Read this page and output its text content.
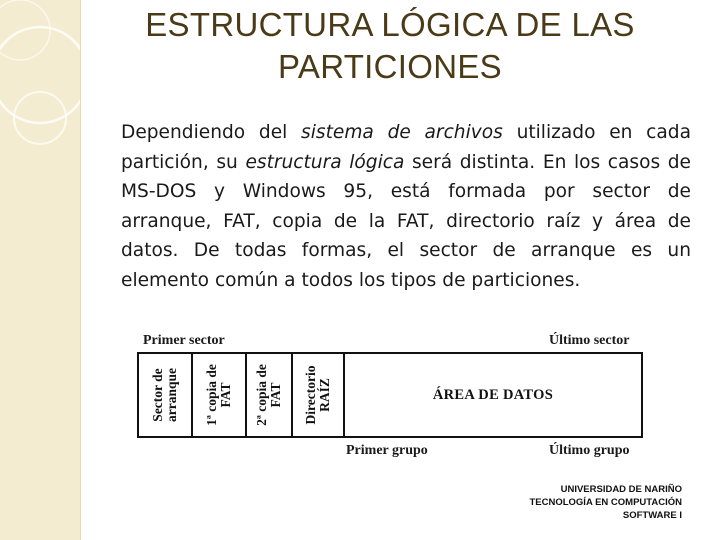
ESTRUCTURA LÓGICA DE LAS
PARTICIONES
Dependiendo del sistema de archivos utilizado en cada partición, su estructura lógica será distinta. En los casos de MS-DOS y Windows 95, está formada por sector de arranque, FAT, copia de la FAT, directorio raíz y área de datos. De todas formas, el sector de arranque es un elemento común a todos los tipos de particiones.
Primer sector	Último sector
Sector de arranque 1ª copia de FAT 2ª copia de FAT Directorio RAÍZ	ÁREA DE DATOS
Primer grupo	Último grupo
UNIVERSIDAD DE NARIÑO
TECNOLOGÍA EN COMPUTACIÓN
SOFTWARE I
